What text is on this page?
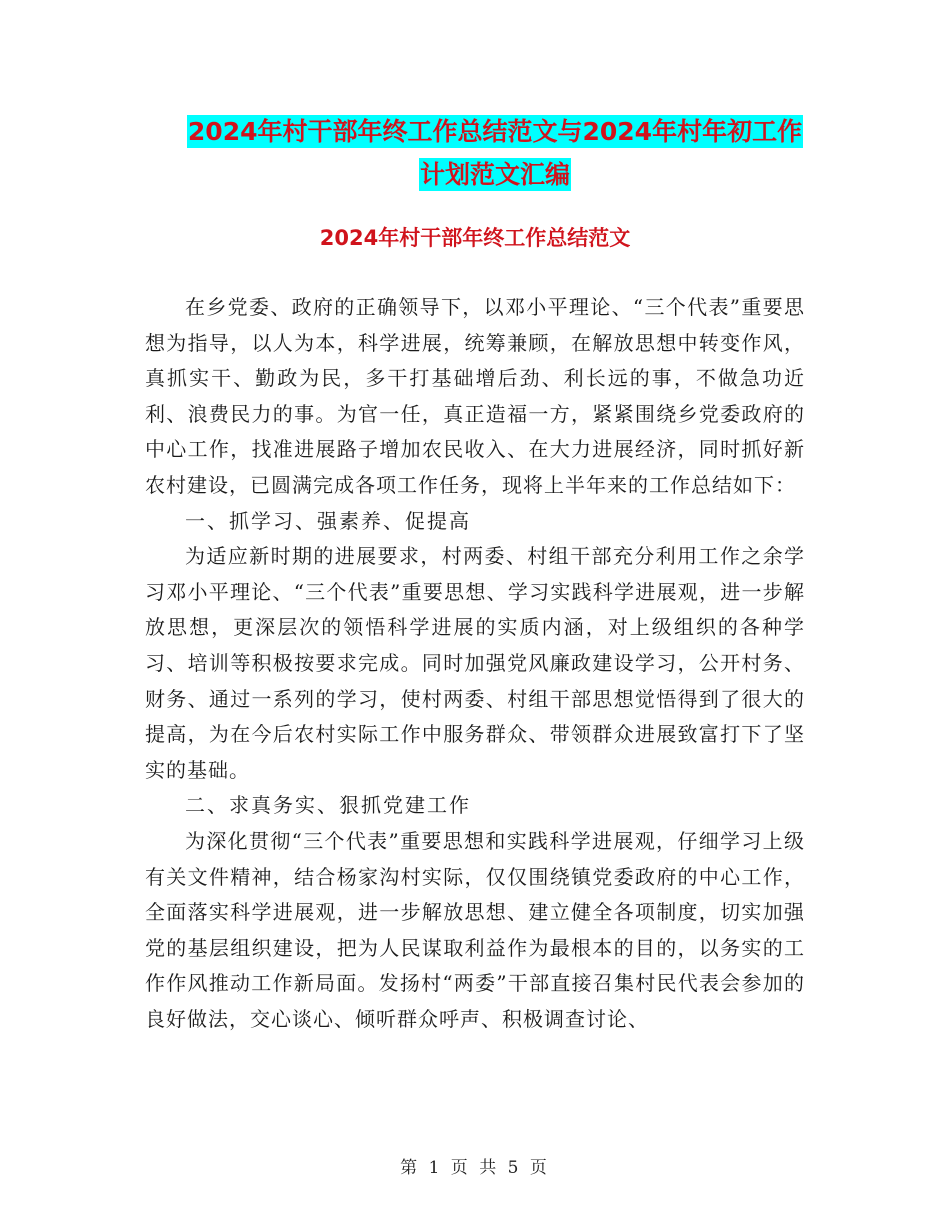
2024年村干部年终工作总结范文与2024年村年初工作
计划范文汇编
2024年村干部年终工作总结范文

在乡党委、政府的正确领导下，以邓小平理论、“三个代表”重要思想为指导，以人为本，科学进展，统筹兼顾，在解放思想中转变作风，真抓实干、勤政为民，多干打基础增后劲、利长远的事，不做急功近利、浪费民力的事。为官一任，真正造福一方，紧紧围绕乡党委政府的中心工作，找准进展路子增加农民收入、在大力进展经济，同时抓好新农村建设，已圆满完成各项工作任务，现将上半年来的工作总结如下：

一、抓学习、强素养、促提高

为适应新时期的进展要求，村两委、村组干部充分利用工作之余学习邓小平理论、“三个代表”重要思想、学习实践科学进展观，进一步解放思想，更深层次的领悟科学进展的实质内涵，对上级组织的各种学习、培训等积极按要求完成。同时加强党风廉政建设学习，公开村务、财务、通过一系列的学习，使村两委、村组干部思想觉悟得到了很大的提高，为在今后农村实际工作中服务群众、带领群众进展致富打下了坚实的基础。

二、求真务实、狠抓党建工作

为深化贯彻“三个代表”重要思想和实践科学进展观，仔细学习上级有关文件精神，结合杨家沟村实际，仅仅围绕镇党委政府的中心工作，全面落实科学进展观，进一步解放思想、建立健全各项制度，切实加强党的基层组织建设，把为人民谋取利益作为最根本的目的，以务实的工作作风推动工作新局面。发扬村“两委”干部直接召集村民代表会参加的良好做法，交心谈心、倾听群众呼声、积极调查讨论、

第 1 页 共 5 页
